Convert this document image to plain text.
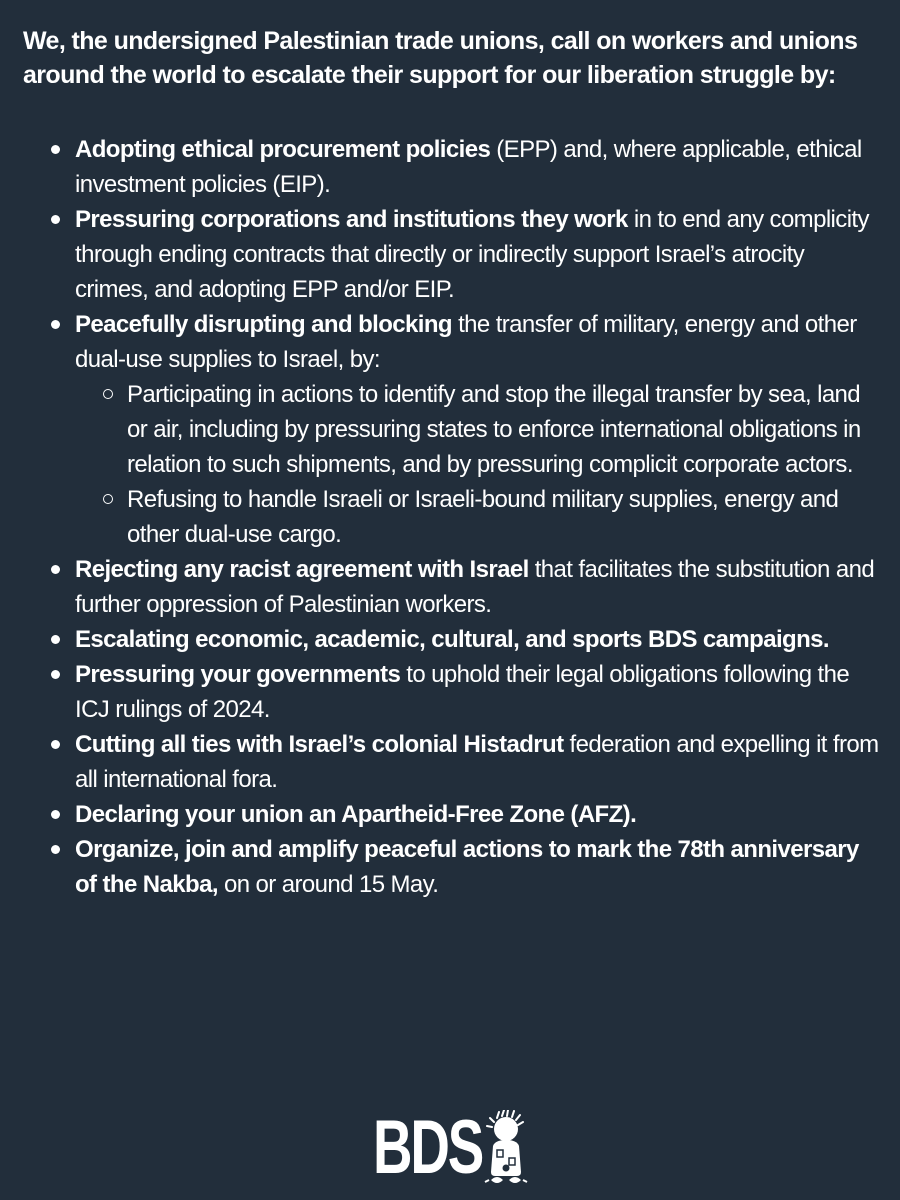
We, the undersigned Palestinian trade unions, call on workers and unions around the world to escalate their support for our liberation struggle by:

Adopting ethical procurement policies (EPP) and, where applicable, ethical investment policies (EIP).
Pressuring corporations and institutions they work in to end any complicity through ending contracts that directly or indirectly support Israel’s atrocity crimes, and adopting EPP and/or EIP.
Peacefully disrupting and blocking the transfer of military, energy and other dual-use supplies to Israel, by:
Participating in actions to identify and stop the illegal transfer by sea, land or air, including by pressuring states to enforce international obligations in relation to such shipments, and by pressuring complicit corporate actors.
Refusing to handle Israeli or Israeli-bound military supplies, energy and other dual-use cargo.
Rejecting any racist agreement with Israel that facilitates the substitution and further oppression of Palestinian workers.
Escalating economic, academic, cultural, and sports BDS campaigns.
Pressuring your governments to uphold their legal obligations following the ICJ rulings of 2024.
Cutting all ties with Israel’s colonial Histadrut federation and expelling it from all international fora.
Declaring your union an Apartheid-Free Zone (AFZ).
Organize, join and amplify peaceful actions to mark the 78th anniversary of the Nakba, on or around 15 May.
BDS
